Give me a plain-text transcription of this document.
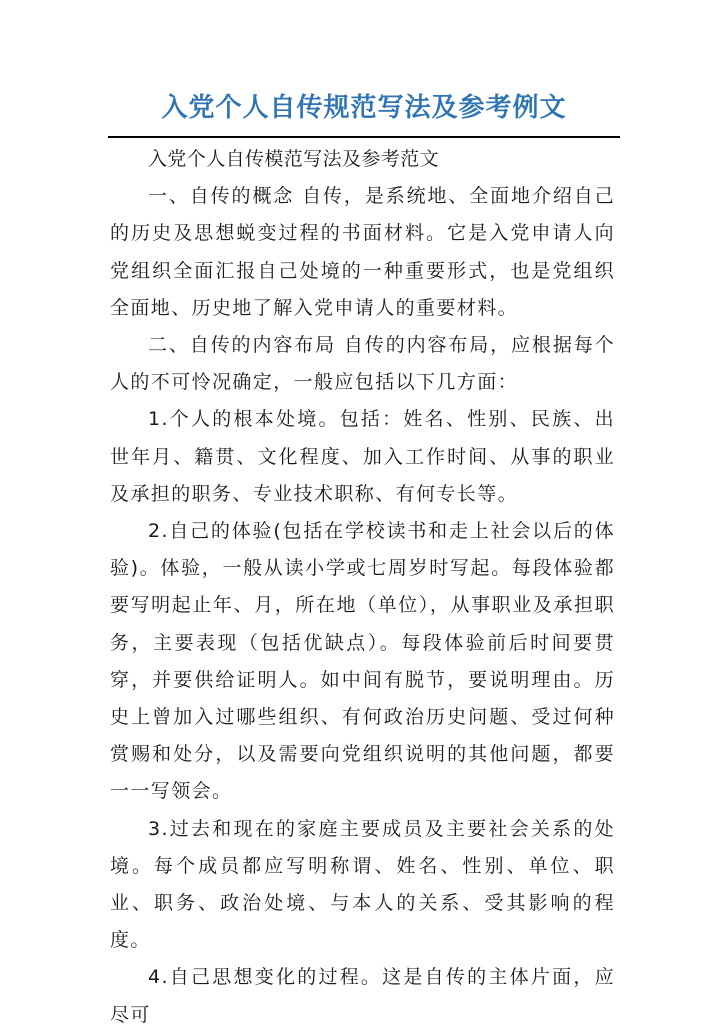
入党个人自传规范写法及参考例文

入党个人自传模范写法及参考范文

一、自传的概念 自传，是系统地、全面地介绍自己的历史及思想蜕变过程的书面材料。它是入党申请人向党组织全面汇报自己处境的一种重要形式，也是党组织全面地、历史地了解入党申请人的重要材料。

二、自传的内容布局 自传的内容布局，应根据每个人的不可怜况确定，一般应包括以下几方面：

1.个人的根本处境。包括：姓名、性别、民族、出世年月、籍贯、文化程度、加入工作时间、从事的职业及承担的职务、专业技术职称、有何专长等。

2.自己的体验(包括在学校读书和走上社会以后的体验)。体验，一般从读小学或七周岁时写起。每段体验都要写明起止年、月，所在地（单位），从事职业及承担职务，主要表现（包括优缺点）。每段体验前后时间要贯穿，并要供给证明人。如中间有脱节，要说明理由。历史上曾加入过哪些组织、有何政治历史问题、受过何种赏赐和处分，以及需要向党组织说明的其他问题，都要一一写领会。

3.过去和现在的家庭主要成员及主要社会关系的处境。每个成员都应写明称谓、姓名、性别、单位、职业、职务、政治处境、与本人的关系、受其影响的程度。

4.自己思想变化的过程。这是自传的主体片面，应尽可
